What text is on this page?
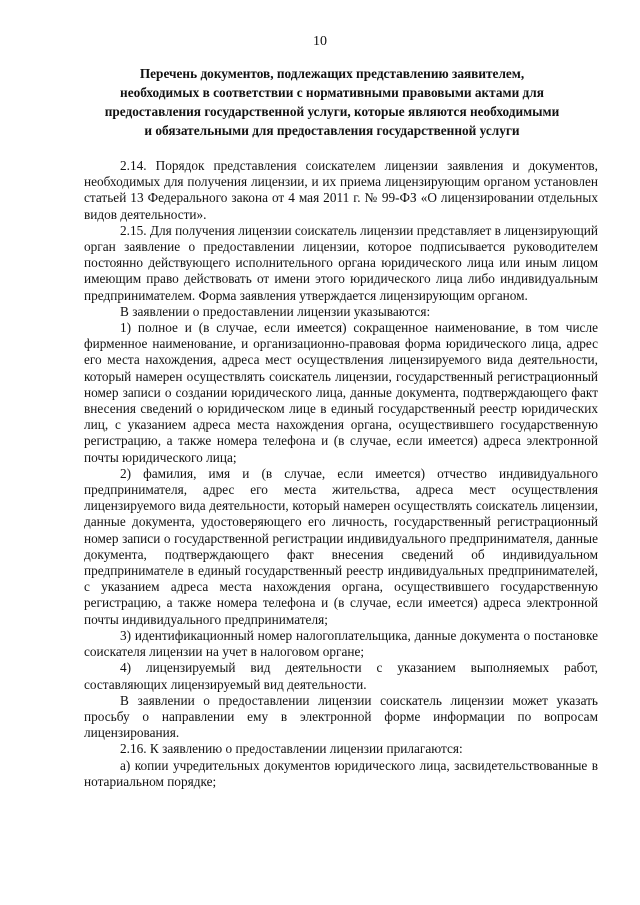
10
Перечень документов, подлежащих представлению заявителем, необходимых в соответствии с нормативными правовыми актами для предоставления государственной услуги, которые являются необходимыми и обязательными для предоставления государственной услуги

2.14. Порядок представления соискателем лицензии заявления и документов, необходимых для получения лицензии, и их приема лицензирующим органом установлен статьей 13 Федерального закона от 4 мая 2011 г. № 99-ФЗ «О лицензировании отдельных видов деятельности».

2.15. Для получения лицензии соискатель лицензии представляет в лицензирующий орган заявление о предоставлении лицензии, которое подписывается руководителем постоянно действующего исполнительного органа юридического лица или иным лицом имеющим право действовать от имени этого юридического лица либо индивидуальным предпринимателем. Форма заявления утверждается лицензирующим органом.

В заявлении о предоставлении лицензии указываются:

1) полное и (в случае, если имеется) сокращенное наименование, в том числе фирменное наименование, и организационно-правовая форма юридического лица, адрес его места нахождения, адреса мест осуществления лицензируемого вида деятельности, который намерен осуществлять соискатель лицензии, государственный регистрационный номер записи о создании юридического лица, данные документа, подтверждающего факт внесения сведений о юридическом лице в единый государственный реестр юридических лиц, с указанием адреса места нахождения органа, осуществившего государственную регистрацию, а также номера телефона и (в случае, если имеется) адреса электронной почты юридического лица;

2) фамилия, имя и (в случае, если имеется) отчество индивидуального предпринимателя, адрес его места жительства, адреса мест осуществления лицензируемого вида деятельности, который намерен осуществлять соискатель лицензии, данные документа, удостоверяющего его личность, государственный регистрационный номер записи о государственной регистрации индивидуального предпринимателя, данные документа, подтверждающего факт внесения сведений об индивидуальном предпринимателе в единый государственный реестр индивидуальных предпринимателей, с указанием адреса места нахождения органа, осуществившего государственную регистрацию, а также номера телефона и (в случае, если имеется) адреса электронной почты индивидуального предпринимателя;

3) идентификационный номер налогоплательщика, данные документа о постановке соискателя лицензии на учет в налоговом органе;

4) лицензируемый вид деятельности с указанием выполняемых работ, составляющих лицензируемый вид деятельности.

В заявлении о предоставлении лицензии соискатель лицензии может указать просьбу о направлении ему в электронной форме информации по вопросам лицензирования.

2.16. К заявлению о предоставлении лицензии прилагаются:

а) копии учредительных документов юридического лица, засвидетельствованные в нотариальном порядке;
